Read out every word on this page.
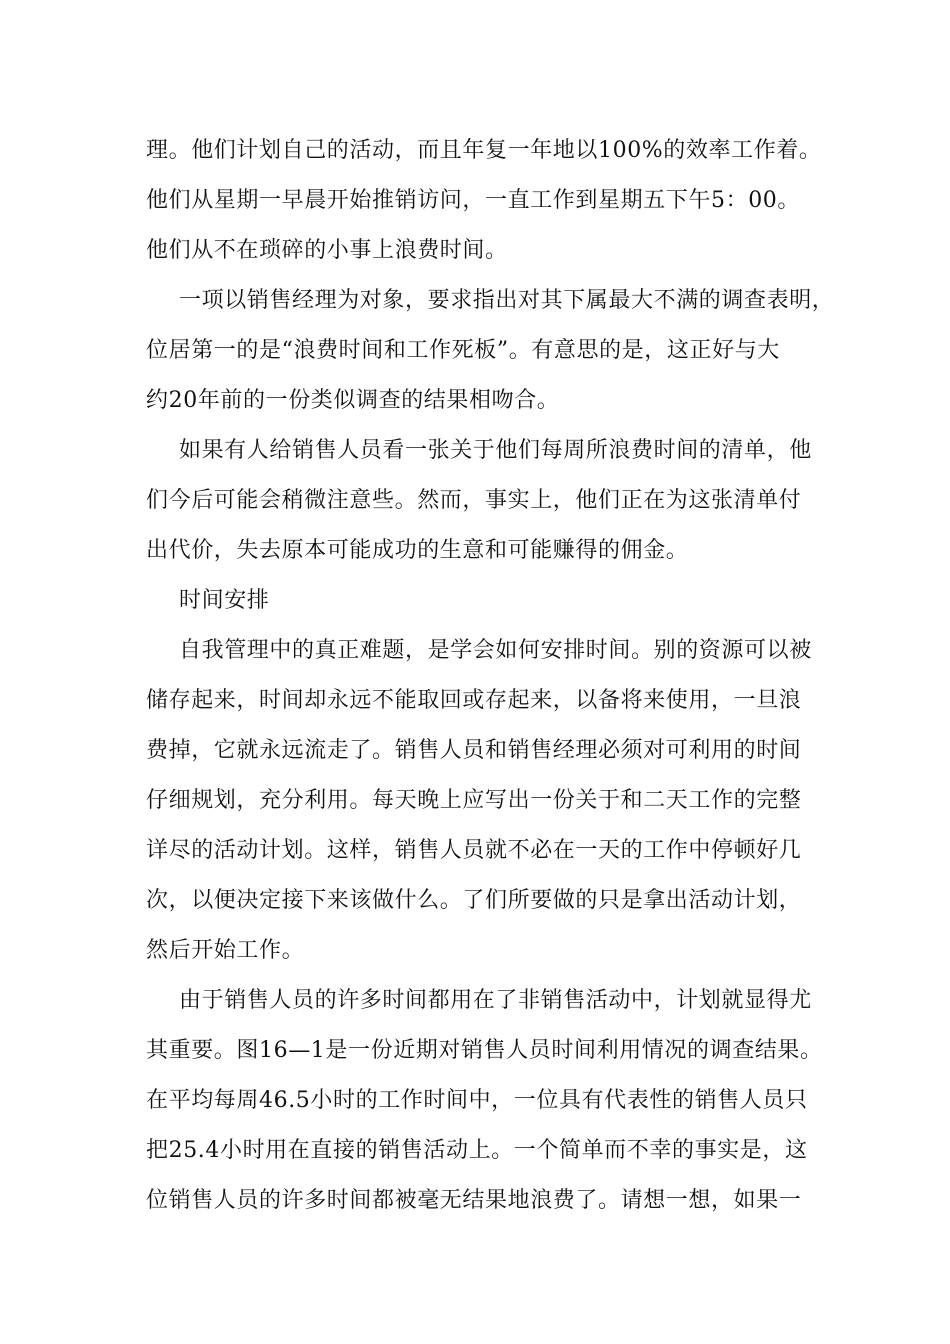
理。他们计划自己的活动，而且年复一年地以100%的效率工作着。
他们从星期一早晨开始推销访问，一直工作到星期五下午5：00。
他们从不在琐碎的小事上浪费时间。
一项以销售经理为对象，要求指出对其下属最大不满的调查表明，
位居第一的是“浪费时间和工作死板”。有意思的是，这正好与大
约20年前的一份类似调查的结果相吻合。
如果有人给销售人员看一张关于他们每周所浪费时间的清单，他
们今后可能会稍微注意些。然而，事实上，他们正在为这张清单付
出代价，失去原本可能成功的生意和可能赚得的佣金。
时间安排
自我管理中的真正难题，是学会如何安排时间。别的资源可以被
储存起来，时间却永远不能取回或存起来，以备将来使用，一旦浪
费掉，它就永远流走了。销售人员和销售经理必须对可利用的时间
仔细规划，充分利用。每天晚上应写出一份关于和二天工作的完整
详尽的活动计划。这样，销售人员就不必在一天的工作中停顿好几
次，以便决定接下来该做什么。了们所要做的只是拿出活动计划，
然后开始工作。
由于销售人员的许多时间都用在了非销售活动中，计划就显得尤
其重要。图16—1是一份近期对销售人员时间利用情况的调查结果。
在平均每周46.5小时的工作时间中，一位具有代表性的销售人员只
把25.4小时用在直接的销售活动上。一个简单而不幸的事实是，这
位销售人员的许多时间都被毫无结果地浪费了。请想一想，如果一
